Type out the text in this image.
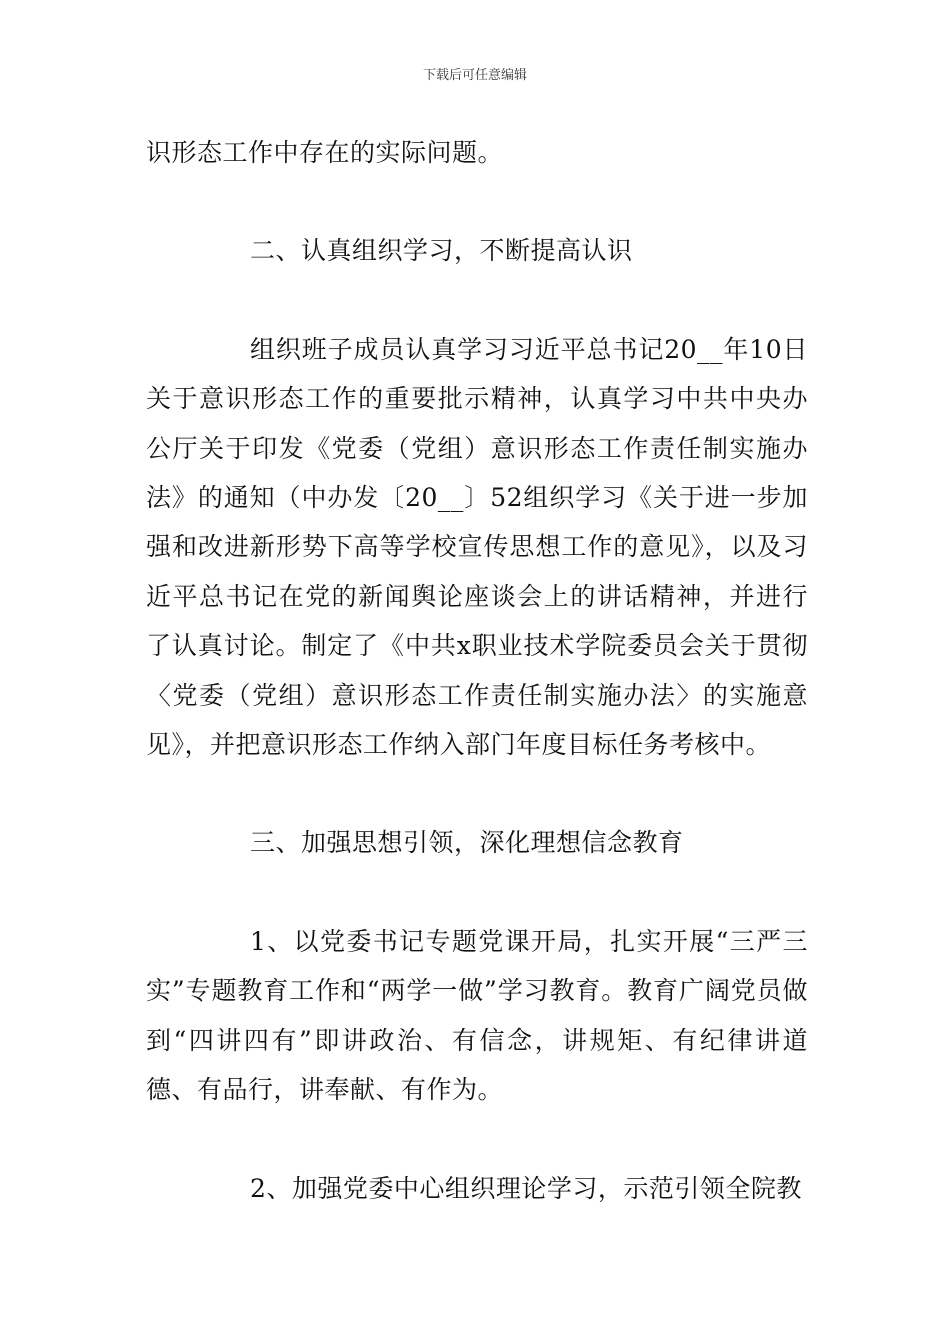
下载后可任意编辑

识形态工作中存在的实际问题。

二、认真组织学习，不断提高认识

组织班子成员认真学习习近平总书记20__年10日关于意识形态工作的重要批示精神，认真学习中共中央办公厅关于印发《党委（党组）意识形态工作责任制实施办法》的通知（中办发〔20__〕52组织学习《关于进一步加强和改进新形势下高等学校宣传思想工作的意见》，以及习近平总书记在党的新闻舆论座谈会上的讲话精神，并进行了认真讨论。制定了《中共x职业技术学院委员会关于贯彻〈党委（党组）意识形态工作责任制实施办法〉的实施意见》，并把意识形态工作纳入部门年度目标任务考核中。

三、加强思想引领，深化理想信念教育

1、以党委书记专题党课开局，扎实开展“三严三实”专题教育工作和“两学一做”学习教育。教育广阔党员做到“四讲四有”即讲政治、有信念，讲规矩、有纪律讲道德、有品行，讲奉献、有作为。

2、加强党委中心组织理论学习，示范引领全院教
